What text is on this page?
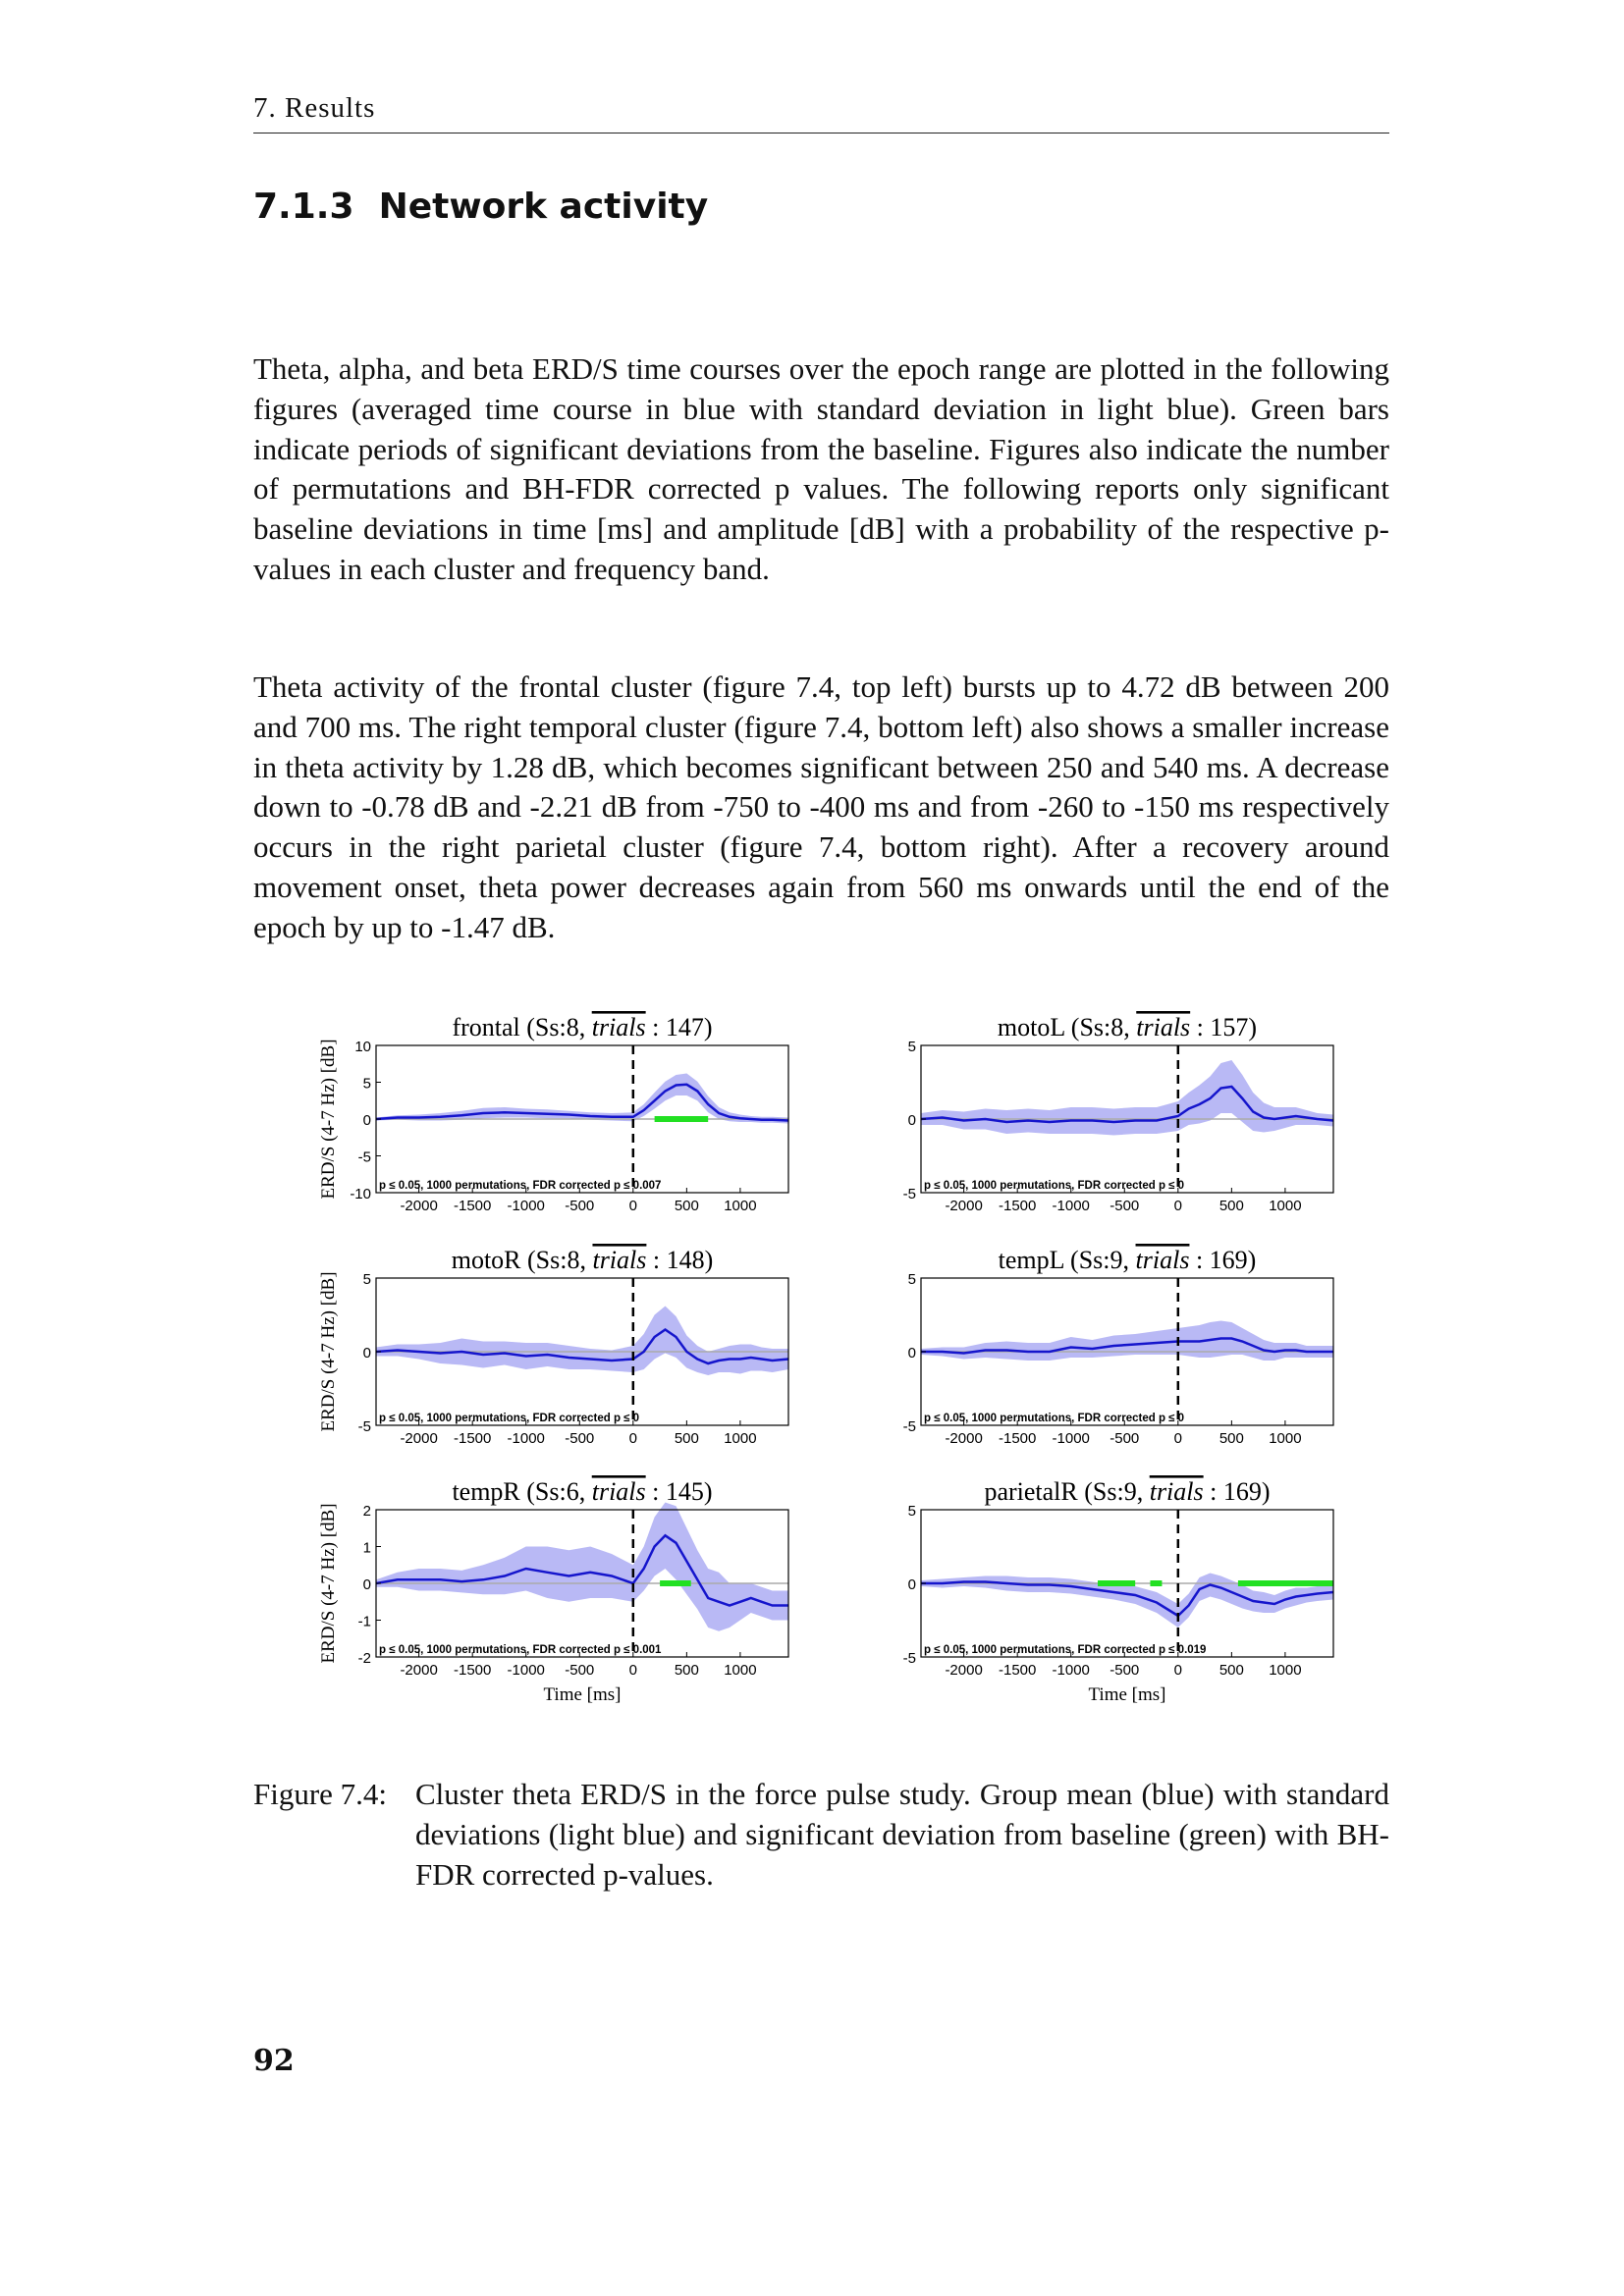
7. Results
7.1.3 Network activity

Theta, alpha, and beta ERD/S time courses over the epoch range are plotted in the following figures (averaged time course in blue with standard deviation in light blue). Green bars indicate periods of significant deviations from the baseline. Figures also indicate the number of permutations and BH-FDR corrected p values. The following reports only significant baseline deviations in time [ms] and amplitude [dB] with a probability of the respective p-values in each cluster and frequency band.

Theta activity of the frontal cluster (figure 7.4, top left) bursts up to 4.72 dB between 200 and 700 ms. The right temporal cluster (figure 7.4, bottom left) also shows a smaller increase in theta activity by 1.28 dB, which becomes significant between 250 and 540 ms. A decrease down to -0.78 dB and -2.21 dB from -750 to -400 ms and from -260 to -150 ms respectively occurs in the right parietal cluster (figure 7.4, bottom right). After a recovery around movement onset, theta power decreases again from 560 ms onwards until the end of the epoch by up to -1.47 dB.

frontal (Ss:8, trials : 147)
10
5
0
-5
-10
-2000 -1500 -1000 -500 0	500 1000
p ≤ 0.05, 1000 permutations, FDR corrected p ≤ 0.007
ERD/S (4-7 Hz) [dB]
motoL (Ss:8, trials : 157)
5
0
-5
-2000 -1500 -1000 -500 0	500 1000
p ≤ 0.05, 1000 permutations, FDR corrected p ≤ 0
motoR (Ss:8, trials : 148)
5
0
-5
-2000 -1500 -1000 -500 0	500 1000
p ≤ 0.05, 1000 permutations, FDR corrected p ≤ 0
ERD/S (4-7 Hz) [dB]
tempL (Ss:9, trials : 169)
5
0
-5
-2000 -1500 -1000 -500 0	500 1000
p ≤ 0.05, 1000 permutations, FDR corrected p ≤ 0
tempR (Ss:6, trials : 145)
2
1
0
-1
-2
-2000 -1500 -1000 -500 0	500 1000
p ≤ 0.05, 1000 permutations, FDR corrected p ≤ 0.001
ERD/S (4-7 Hz) [dB]
Time [ms]
parietalR (Ss:9, trials : 169)
5
0
-5
-2000 -1500 -1000 -500 0	500 1000
p ≤ 0.05, 1000 permutations, FDR corrected p ≤ 0.019
Time [ms]
Figure 7.4: Cluster theta ERD/S in the force pulse study. Group mean (blue) with standard deviations (light blue) and significant deviation from baseline (green) with BH-FDR corrected p-values.
92
